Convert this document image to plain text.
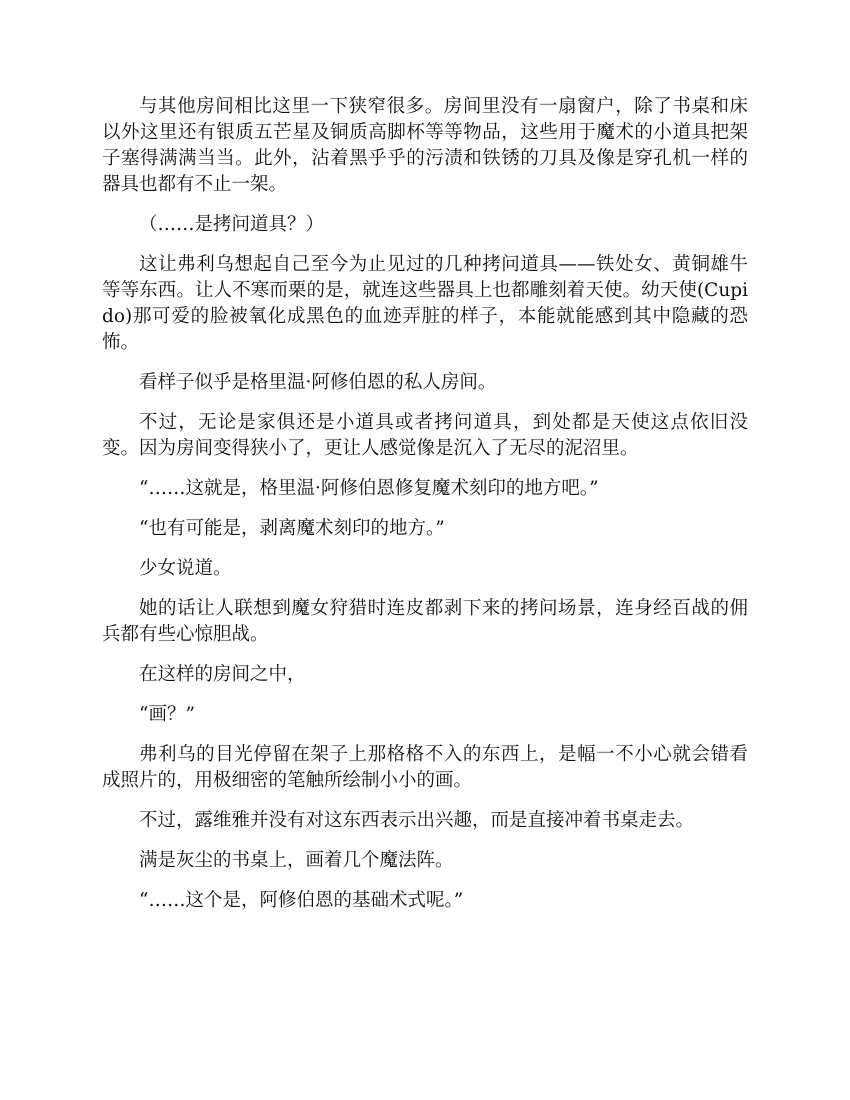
与其他房间相比这里一下狭窄很多。房间里没有一扇窗户，除了书桌和床以外这里还有银质五芒星及铜质高脚杯等等物品，这些用于魔术的小道具把架子塞得满满当当。此外，沾着黑乎乎的污渍和铁锈的刀具及像是穿孔机一样的器具也都有不止一架。

（……是拷问道具？）

这让弗利乌想起自己至今为止见过的几种拷问道具——铁处女、黄铜雄牛等等东西。让人不寒而栗的是，就连这些器具上也都雕刻着天使。幼天使(Cupido)那可爱的脸被氧化成黑色的血迹弄脏的样子，本能就能感到其中隐藏的恐怖。

看样子似乎是格里温·阿修伯恩的私人房间。

不过，无论是家俱还是小道具或者拷问道具，到处都是天使这点依旧没变。因为房间变得狭小了，更让人感觉像是沉入了无尽的泥沼里。

“……这就是，格里温·阿修伯恩修复魔术刻印的地方吧。”

“也有可能是，剥离魔术刻印的地方。”

少女说道。

她的话让人联想到魔女狩猎时连皮都剥下来的拷问场景，连身经百战的佣兵都有些心惊胆战。

在这样的房间之中，

“画？”

弗利乌的目光停留在架子上那格格不入的东西上，是幅一不小心就会错看成照片的，用极细密的笔触所绘制小小的画。

不过，露维雅并没有对这东西表示出兴趣，而是直接冲着书桌走去。

满是灰尘的书桌上，画着几个魔法阵。

“……这个是，阿修伯恩的基础术式呢。”
